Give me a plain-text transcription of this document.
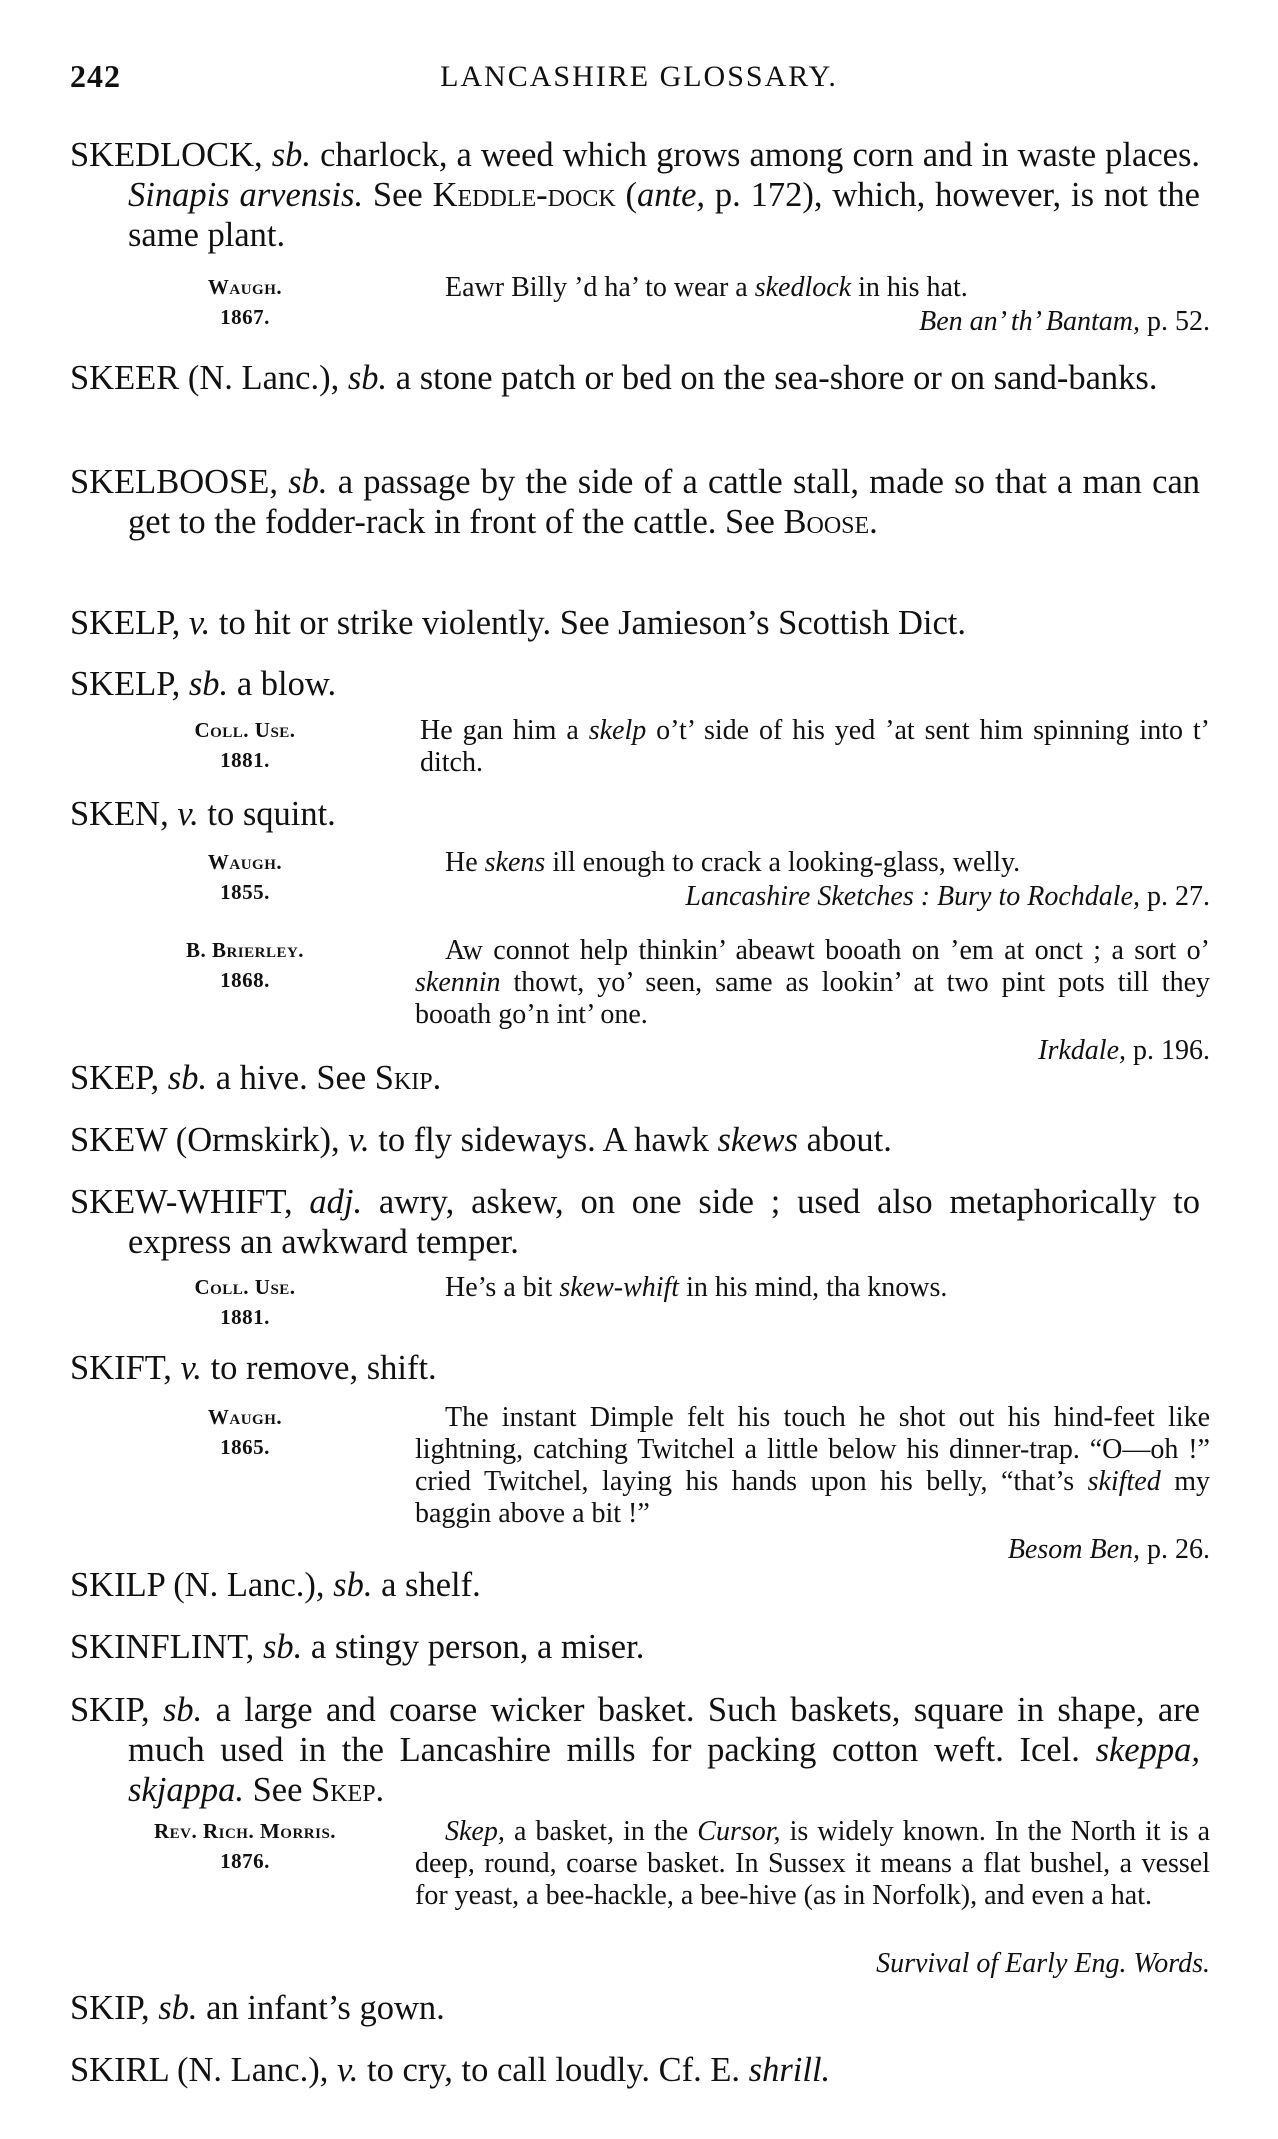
242	LANCASHIRE GLOSSARY.
SKEDLOCK, sb. charlock, a weed which grows among corn and in waste places. Sinapis arvensis. See Keddle-dock (ante, p. 172), which, however, is not the same plant.
Waugh.
1867.
Eawr Billy ’d ha’ to wear a skedlock in his hat.
Ben an’ th’ Bantam, p. 52.
SKEER (N. Lanc.), sb. a stone patch or bed on the sea-shore or on sand-banks.
SKELBOOSE, sb. a passage by the side of a cattle stall, made so that a man can get to the fodder-rack in front of the cattle. See Boose.
SKELP, v. to hit or strike violently. See Jamieson’s Scottish Dict.
SKELP, sb. a blow.
Coll. Use.
1881.
He gan him a skelp o’t’ side of his yed ’at sent him spinning into t’ ditch.
SKEN, v. to squint.
Waugh.
1855.
He skens ill enough to crack a looking-glass, welly.
Lancashire Sketches : Bury to Rochdale, p. 27.
B. Brierley.
1868.
Aw connot help thinkin’ abeawt booath on ’em at onct ; a sort o’ skennin thowt, yo’ seen, same as lookin’ at two pint pots till they booath go’n int’ one.
Irkdale, p. 196.
SKEP, sb. a hive. See Skip.
SKEW (Ormskirk), v. to fly sideways. A hawk skews about.
SKEW-WHIFT, adj. awry, askew, on one side ; used also metaphorically to express an awkward temper.
Coll. Use.
1881.
He’s a bit skew-whift in his mind, tha knows.
SKIFT, v. to remove, shift.
Waugh.
1865.
The instant Dimple felt his touch he shot out his hind-feet like lightning, catching Twitchel a little below his dinner-trap. “O—oh !” cried Twitchel, laying his hands upon his belly, “that’s skifted my baggin above a bit !”
Besom Ben, p. 26.
SKILP (N. Lanc.), sb. a shelf.
SKINFLINT, sb. a stingy person, a miser.
SKIP, sb. a large and coarse wicker basket. Such baskets, square in shape, are much used in the Lancashire mills for packing cotton weft. Icel. skeppa, skjappa. See Skep.
Rev. Rich. Morris.
1876.
Skep, a basket, in the Cursor, is widely known. In the North it is a deep, round, coarse basket. In Sussex it means a flat bushel, a vessel for yeast, a bee-hackle, a bee-hive (as in Norfolk), and even a hat.
Survival of Early Eng. Words.
SKIP, sb. an infant’s gown.
SKIRL (N. Lanc.), v. to cry, to call loudly. Cf. E. shrill.
